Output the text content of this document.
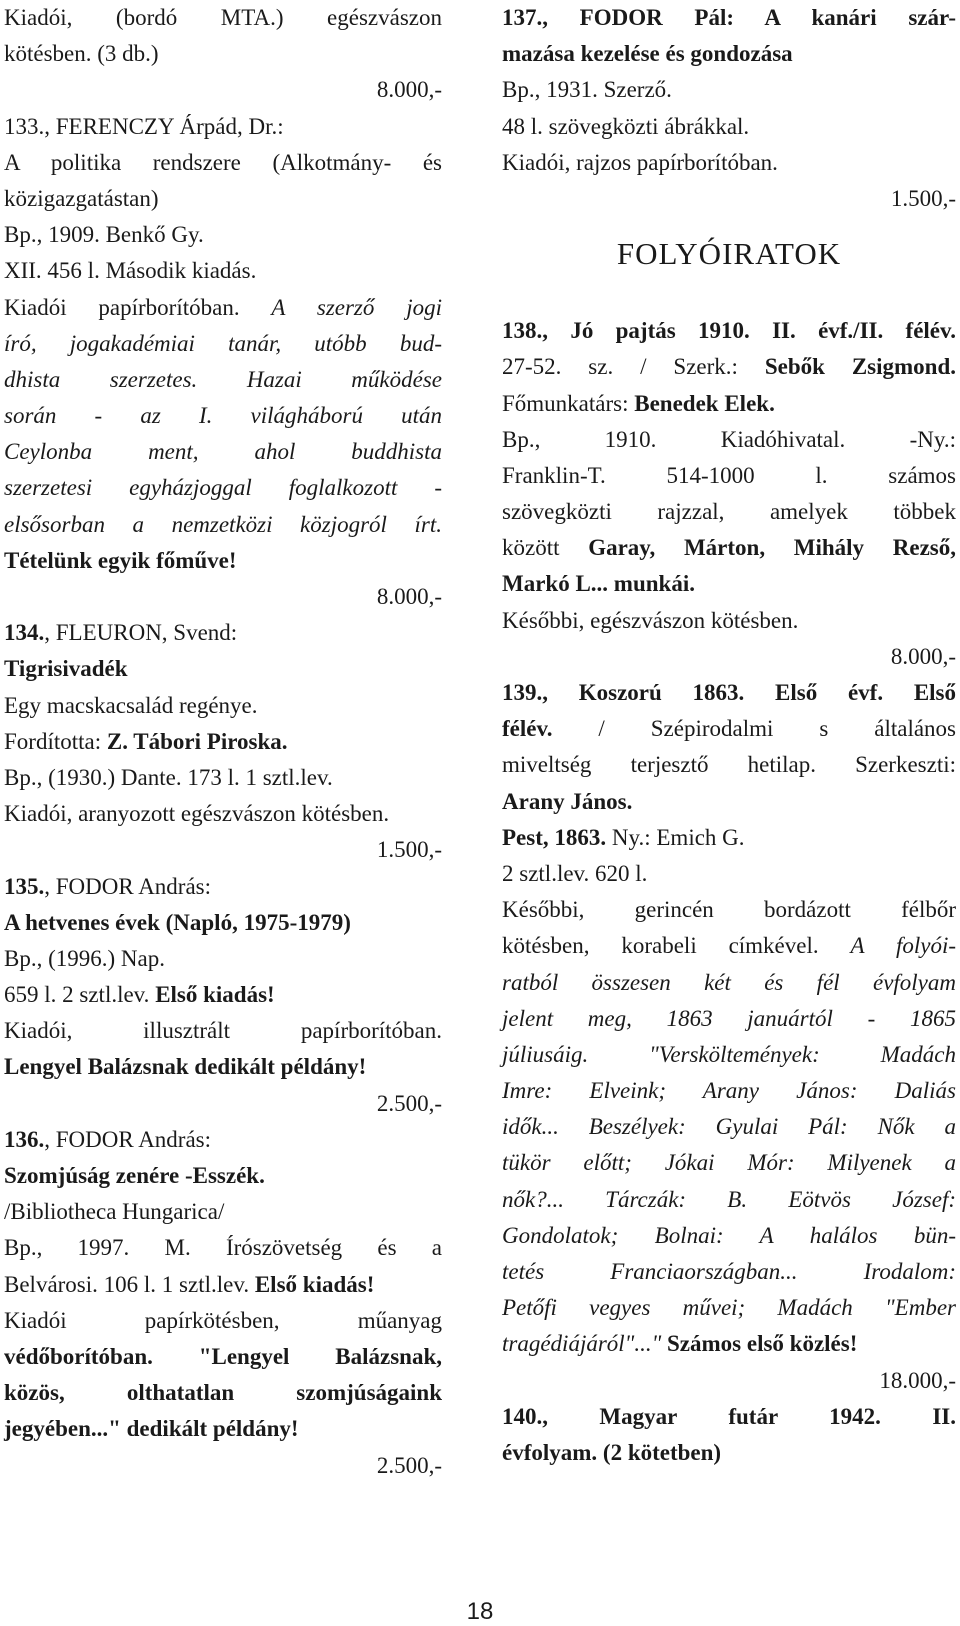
Kiadói, (bordó MTA.) egészvászon
kötésben. (3 db.)
8.000,-
133., FERENCZY Árpád, Dr.:
A politika rendszere (Alkotmány- és
közigazgatástan)
Bp., 1909. Benkő Gy.
XII. 456 l. Második kiadás.
Kiadói papírborítóban. A szerző jogi
író, jogakadémiai tanár, utóbb bud-
dhista szerzetes. Hazai működése
során - az I. világháború után
Ceylonba ment, ahol buddhista
szerzetesi egyházjoggal foglalkozott -
elsősorban a nemzetközi közjogról írt.
Tételünk egyik főműve!
8.000,-
134., FLEURON, Svend:
Tigrisivadék
Egy macskacsalád regénye.
Fordította: Z. Tábori Piroska.
Bp., (1930.) Dante. 173 l. 1 sztl.lev.
Kiadói, aranyozott egészvászon kötésben.
1.500,-
135., FODOR András:
A hetvenes évek (Napló, 1975-1979)
Bp., (1996.) Nap.
659 l. 2 sztl.lev. Első kiadás!
Kiadói, illusztrált papírborítóban.
Lengyel Balázsnak dedikált példány!
2.500,-
136., FODOR András:
Szomjúság zenére -Esszék.
/Bibliotheca Hungarica/
Bp., 1997. M. Írószövetség és a
Belvárosi. 106 l. 1 sztl.lev. Első kiadás!
Kiadói papírkötésben, műanyag
védőborítóban. "Lengyel Balázsnak,
közös, olthatatlan szomjúságaink
jegyében..." dedikált példány!
2.500,-
137., FODOR Pál: A kanári szár-
mazása kezelése és gondozása
Bp., 1931. Szerző.
48 l. szövegközti ábrákkal.
Kiadói, rajzos papírborítóban.
1.500,-
FOLYÓIRATOK
138., Jó pajtás 1910. II. évf./II. félév.
27-52. sz. / Szerk.: Sebők Zsigmond.
Főmunkatárs: Benedek Elek.
Bp., 1910. Kiadóhivatal. -Ny.:
Franklin-T. 514-1000 l. számos
szövegközti rajzzal, amelyek többek
között Garay, Márton, Mihály Rezső,
Markó L... munkái.
Későbbi, egészvászon kötésben.
8.000,-
139., Koszorú 1863. Első évf. Első
félév. / Szépirodalmi s általános
miveltség terjesztő hetilap. Szerkeszti:
Arany János.
Pest, 1863. Ny.: Emich G.
2 sztl.lev. 620 l.
Későbbi, gerincén bordázott félbőr
kötésben, korabeli címkével. A folyói-
ratból összesen két és fél évfolyam
jelent meg, 1863 januártól - 1865
júliusáig. "Versköltemények: Madách
Imre: Elveink; Arany János: Daliás
idők... Beszélyek: Gyulai Pál: Nők a
tükör előtt; Jókai Mór: Milyenek a
nők?... Tárczák: B. Eötvös József:
Gondolatok; Bolnai: A halálos bün-
tetés Franciaországban... Irodalom:
Petőfi vegyes művei; Madách "Ember
tragédiájáról"..." Számos első közlés!
18.000,-
140., Magyar futár 1942. II.
évfolyam. (2 kötetben)
18
